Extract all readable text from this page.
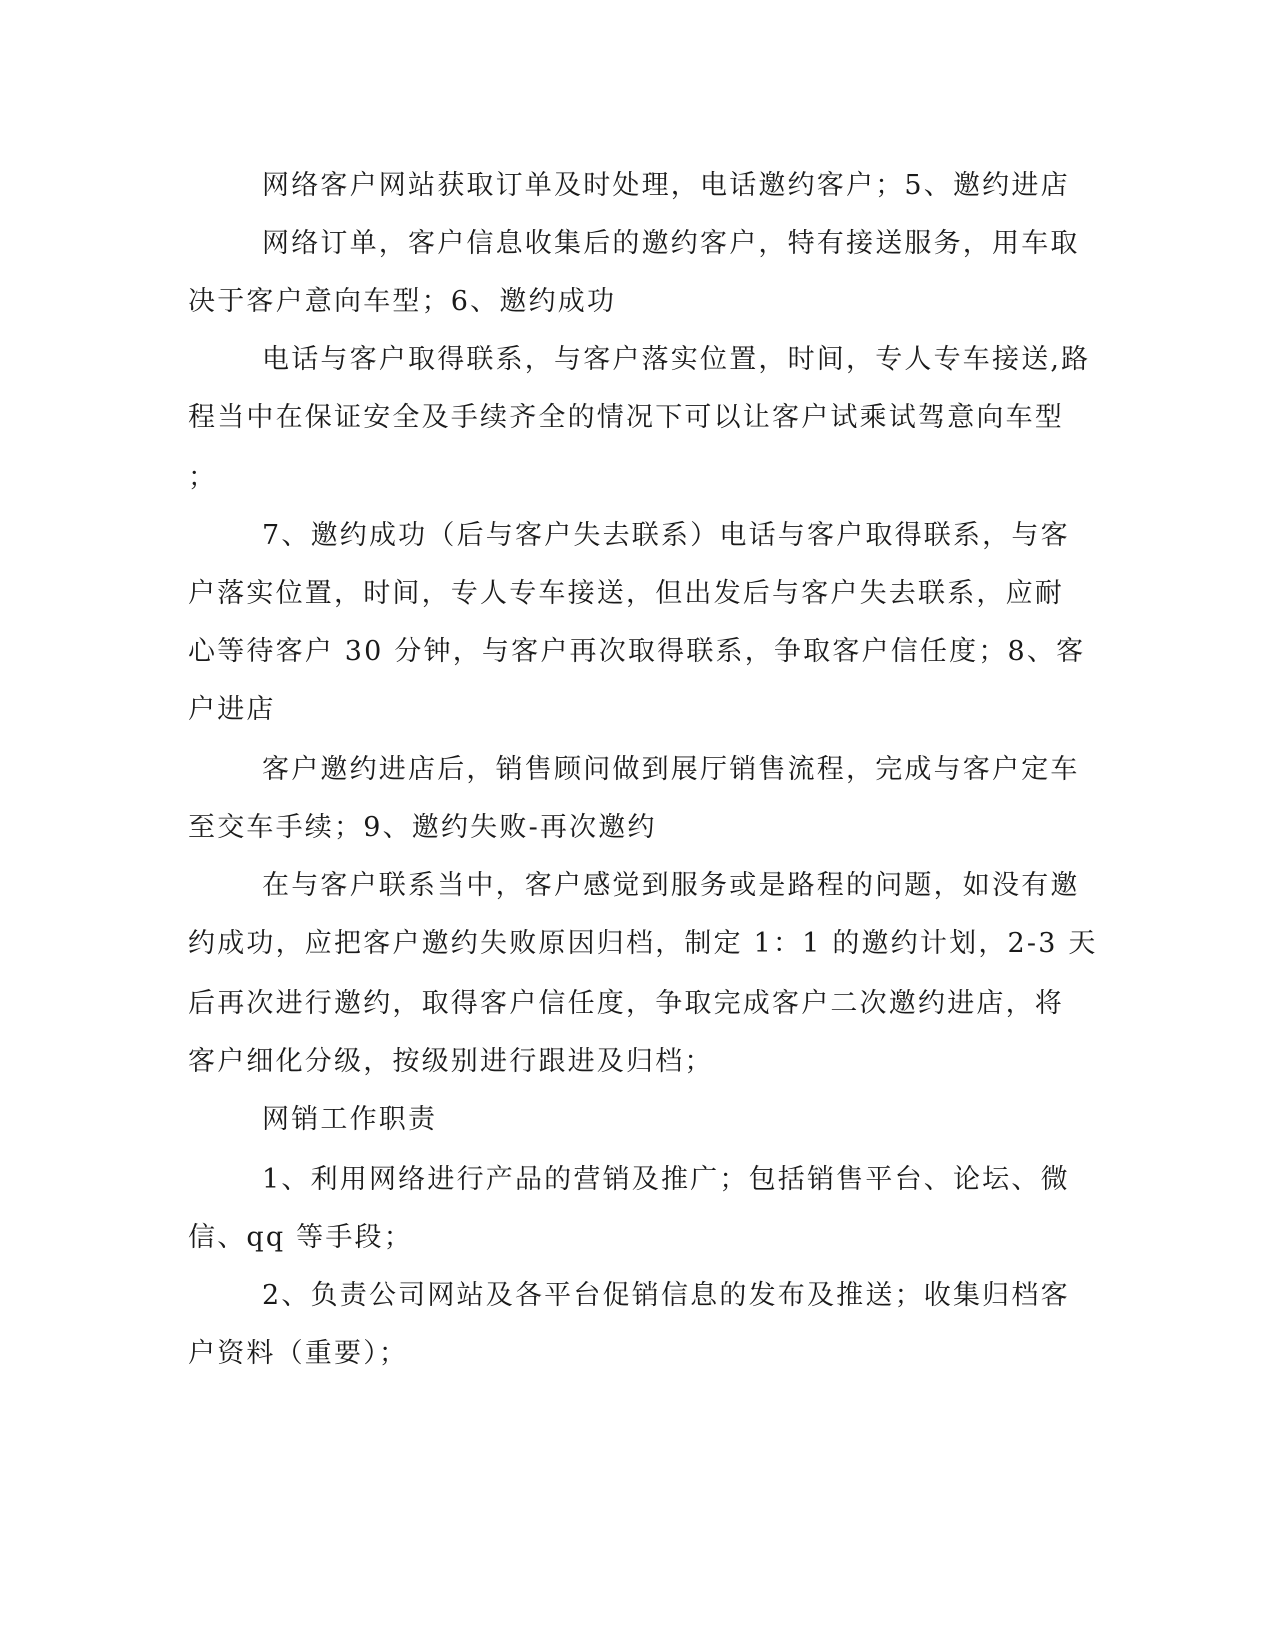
网络客户网站获取订单及时处理，电话邀约客户；5、邀约进店
网络订单，客户信息收集后的邀约客户，特有接送服务，用车取
决于客户意向车型；6、邀约成功
电话与客户取得联系，与客户落实位置，时间，专人专车接送,路
程当中在保证安全及手续齐全的情况下可以让客户试乘试驾意向车型
；
7、邀约成功（后与客户失去联系）电话与客户取得联系，与客
户落实位置，时间，专人专车接送，但出发后与客户失去联系，应耐
心等待客户 30 分钟，与客户再次取得联系，争取客户信任度；8、客
户进店
客户邀约进店后，销售顾问做到展厅销售流程，完成与客户定车
至交车手续；9、邀约失败-再次邀约
在与客户联系当中，客户感觉到服务或是路程的问题，如没有邀
约成功，应把客户邀约失败原因归档，制定 1：1 的邀约计划，2-3 天
后再次进行邀约，取得客户信任度，争取完成客户二次邀约进店，将
客户细化分级，按级别进行跟进及归档；
网销工作职责
1、利用网络进行产品的营销及推广；包括销售平台、论坛、微
信、qq 等手段；
2、负责公司网站及各平台促销信息的发布及推送；收集归档客
户资料（重要）；
